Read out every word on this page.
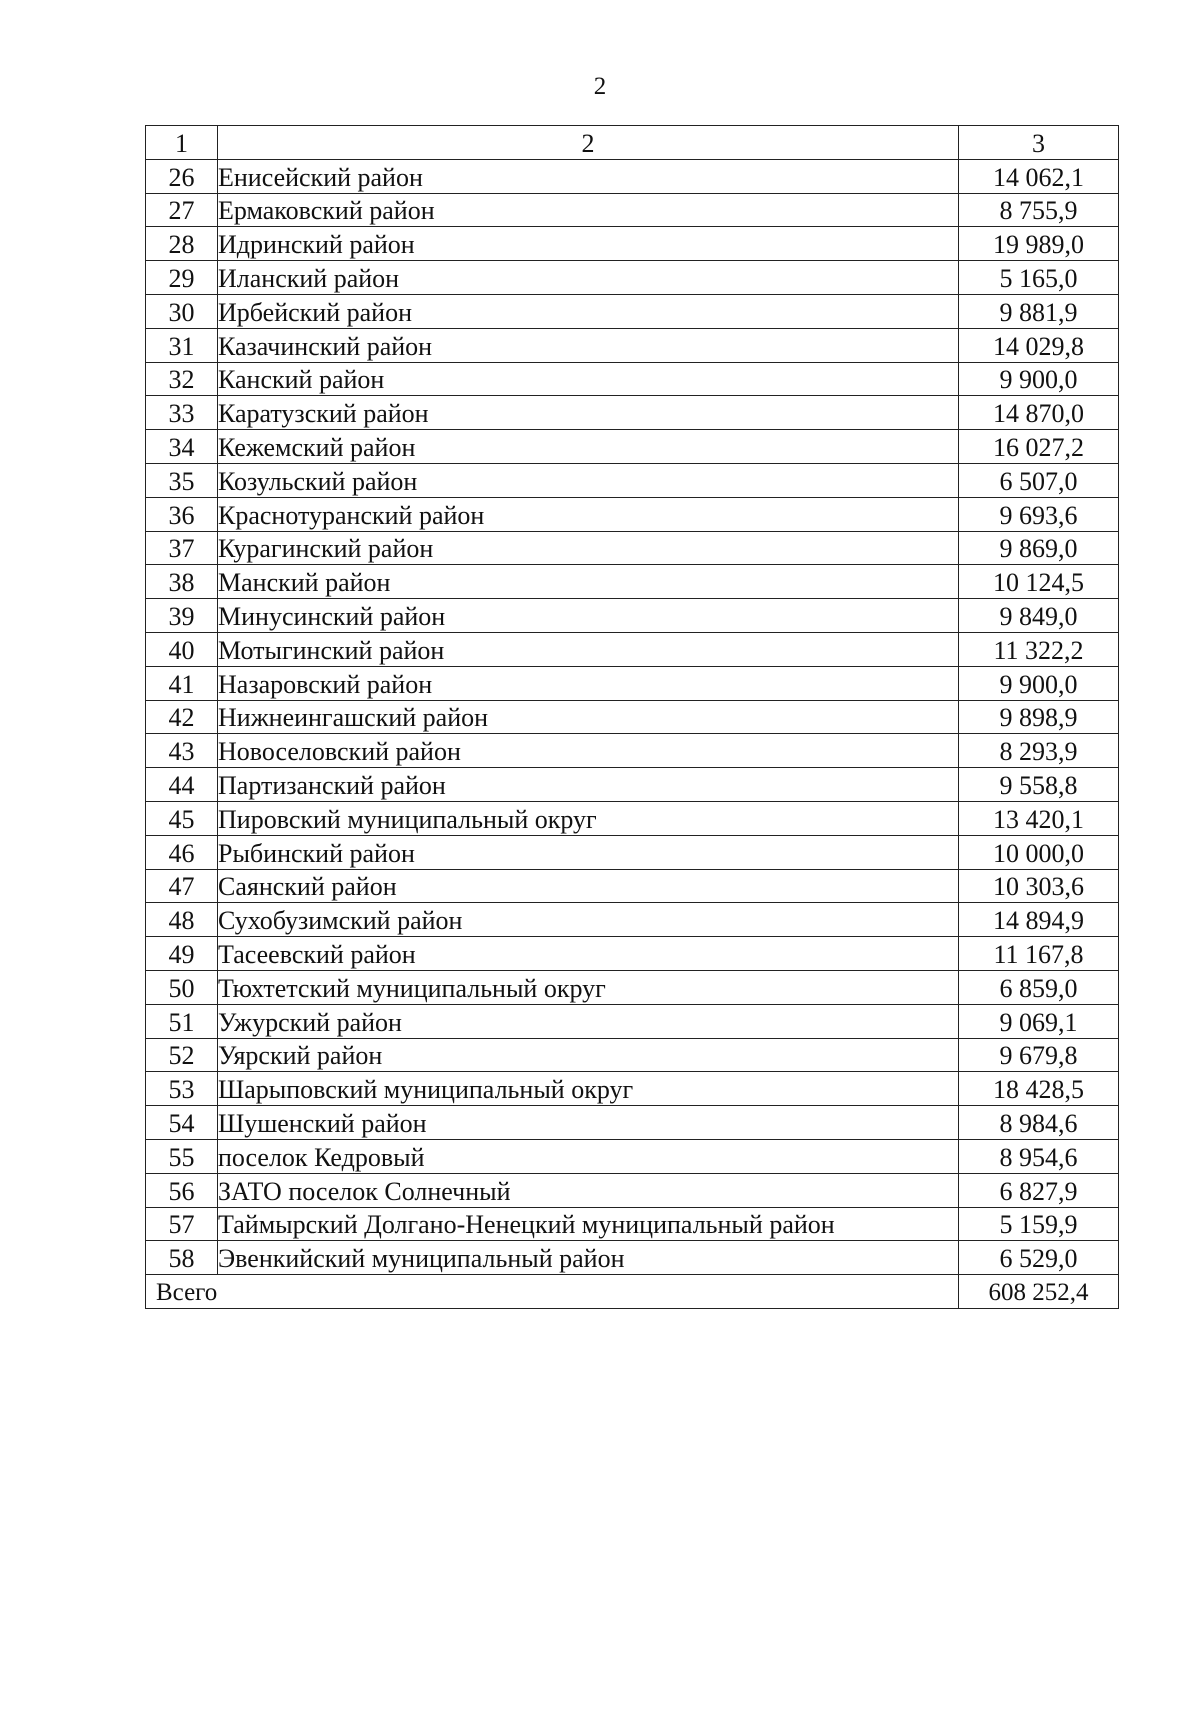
2
1	2	3
26	Енисейский район	14 062,1
27	Ермаковский район	8 755,9
28	Идринский район	19 989,0
29	Иланский район	5 165,0
30	Ирбейский район	9 881,9
31	Казачинский район	14 029,8
32	Канский район	9 900,0
33	Каратузский район	14 870,0
34	Кежемский район	16 027,2
35	Козульский район	6 507,0
36	Краснотуранский район	9 693,6
37	Курагинский район	9 869,0
38	Манский район	10 124,5
39	Минусинский район	9 849,0
40	Мотыгинский район	11 322,2
41	Назаровский район	9 900,0
42	Нижнеингашский район	9 898,9
43	Новоселовский район	8 293,9
44	Партизанский район	9 558,8
45	Пировский муниципальный округ	13 420,1
46	Рыбинский район	10 000,0
47	Саянский район	10 303,6
48	Сухобузимский район	14 894,9
49	Тасеевский район	11 167,8
50	Тюхтетский муниципальный округ	6 859,0
51	Ужурский район	9 069,1
52	Уярский район	9 679,8
53	Шарыповский муниципальный округ	18 428,5
54	Шушенский район	8 984,6
55	поселок Кедровый	8 954,6
56	ЗАТО поселок Солнечный	6 827,9
57	Таймырский Долгано-Ненецкий муниципальный район	5 159,9
58	Эвенкийский муниципальный район	6 529,0
Всего		608 252,4
